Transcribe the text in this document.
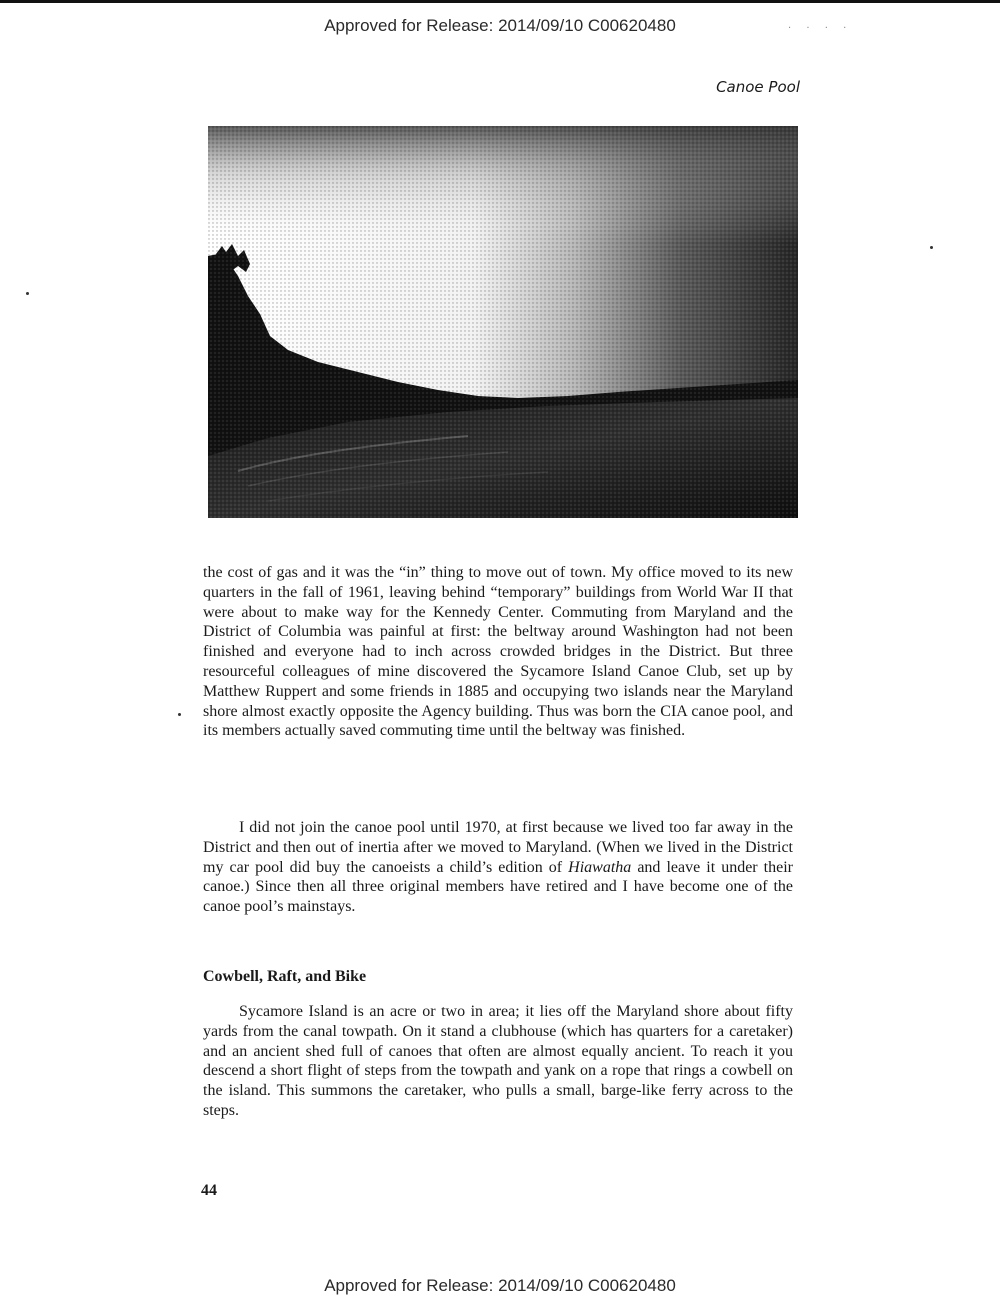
. . . .
Approved for Release: 2014/09/10 C00620480
Canoe Pool

the cost of gas and it was the “in” thing to move out of town. My office moved to its new quarters in the fall of 1961, leaving behind “temporary” buildings from World War II that were about to make way for the Kennedy Center. Commuting from Maryland and the District of Columbia was painful at first: the beltway around Washington had not been finished and everyone had to inch across crowded bridges in the District. But three resourceful colleagues of mine discovered the Sycamore Island Canoe Club, set up by Matthew Ruppert and some friends in 1885 and occupying two islands near the Maryland shore almost exactly opposite the Agency building. Thus was born the CIA canoe pool, and its members actually saved commuting time until the beltway was finished.

I did not join the canoe pool until 1970, at first because we lived too far away in the District and then out of inertia after we moved to Maryland. (When we lived in the District my car pool did buy the canoeists a child’s edition of Hiawatha and leave it under their canoe.) Since then all three original members have retired and I have become one of the canoe pool’s mainstays.

Cowbell, Raft, and Bike

Sycamore Island is an acre or two in area; it lies off the Maryland shore about fifty yards from the canal towpath. On it stand a clubhouse (which has quarters for a caretaker) and an ancient shed full of canoes that often are almost equally ancient. To reach it you descend a short flight of steps from the towpath and yank on a rope that rings a cowbell on the island. This summons the caretaker, who pulls a small, barge-like ferry across to the steps.

44
Approved for Release: 2014/09/10 C00620480
